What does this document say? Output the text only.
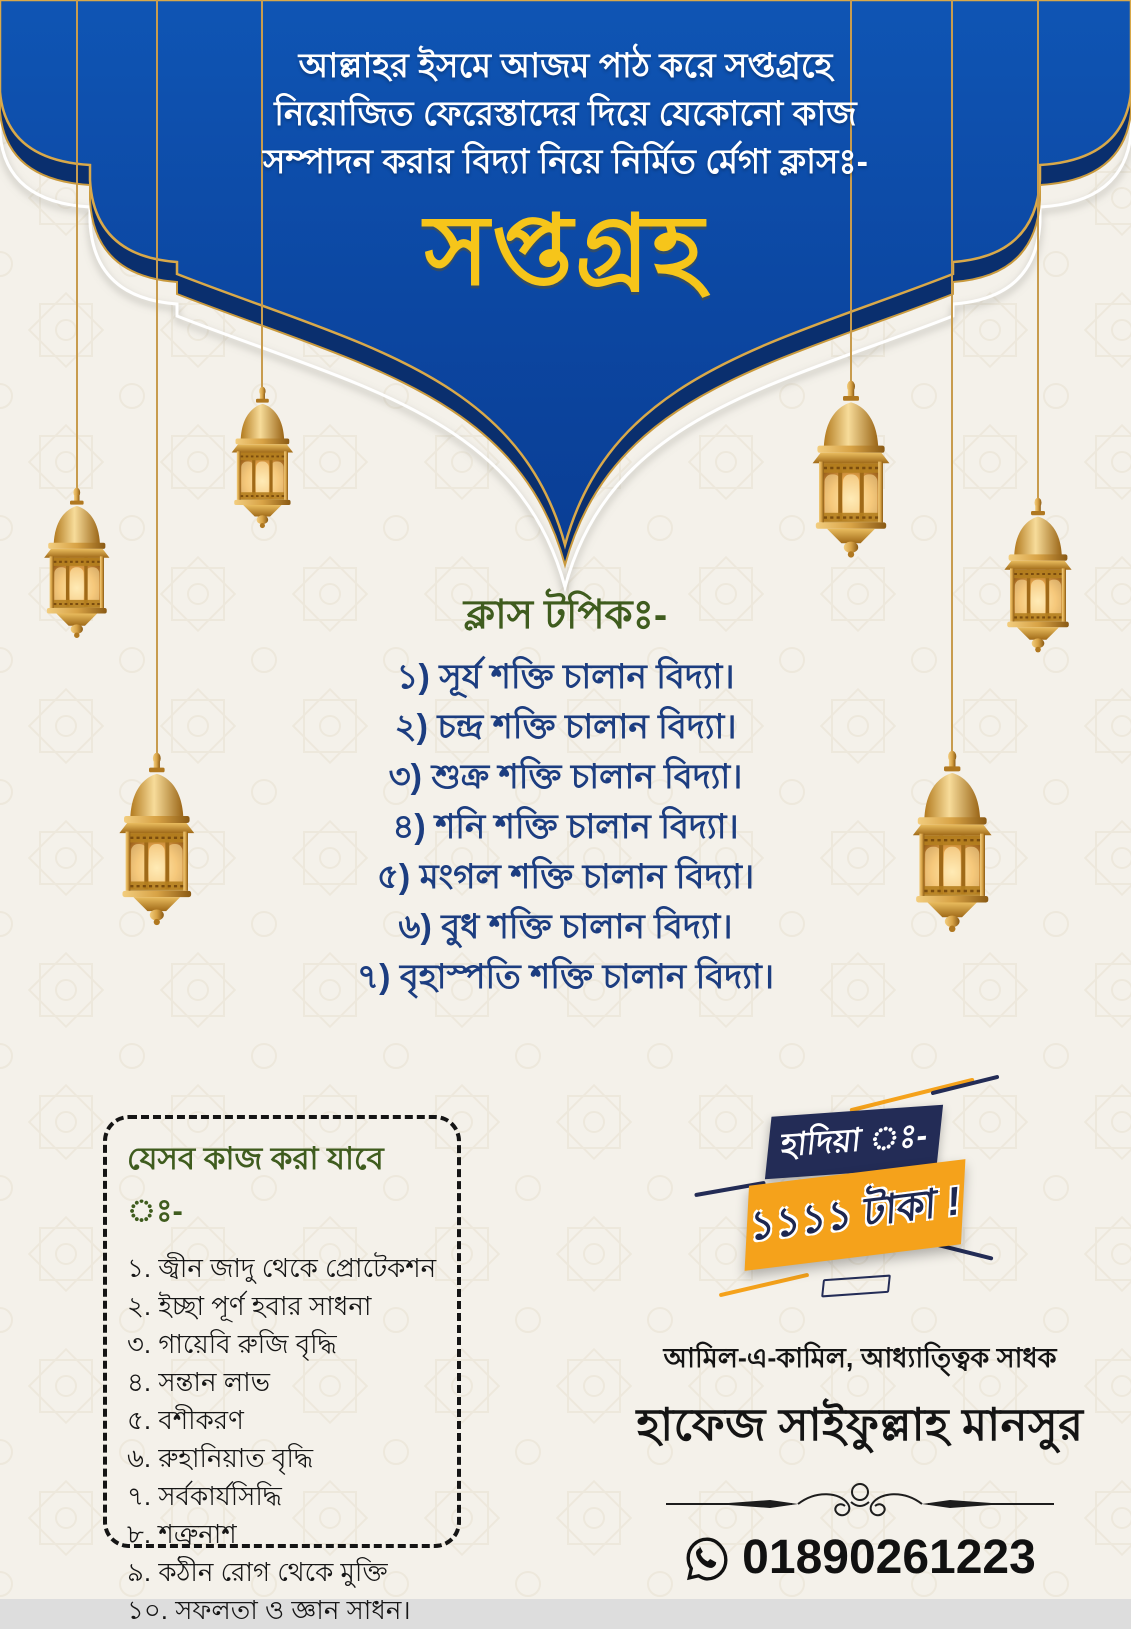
আল্লাহর ইসমে আজম পাঠ করে সপ্তগ্রহে
নিয়োজিত ফেরেস্তাদের দিয়ে যেকোনো কাজ
সম্পাদন করার বিদ্যা নিয়ে নির্মিত র্মেগা ক্লাসঃ-
সপ্তগ্রহ
ক্লাস টপিকঃ-
১) সূর্য শক্তি চালান বিদ্যা।
২) চন্দ্র শক্তি চালান বিদ্যা।
৩) শুক্র শক্তি চালান বিদ্যা।
৪) শনি শক্তি চালান বিদ্যা।
৫) মংগল শক্তি চালান বিদ্যা।
৬) বুধ শক্তি চালান বিদ্যা।
৭) বৃহাস্পতি শক্তি চালান বিদ্যা।
যেসব কাজ করা যাবে ঃ-
১. জ্বীন জাদু থেকে প্রোটেকশন
২. ইচ্ছা পূর্ণ হবার সাধনা
৩. গায়েবি রুজি বৃদ্ধি
৪. সন্তান লাভ
৫. বশীকরণ
৬. রুহানিয়াত বৃদ্ধি
৭. সর্বকার্যসিদ্ধি
৮. শত্রুনাশ
৯. কঠীন রোগ থেকে মুক্তি
১০. সফলতা ও জ্ঞান সাধন।
হাদিয়া ঃ-
১১১১ টাকা !
আমিল-এ-কামিল, আধ্যাত্ত্বিক সাধক
হাফেজ সাইফুল্লাহ মানসুর
01890261223
